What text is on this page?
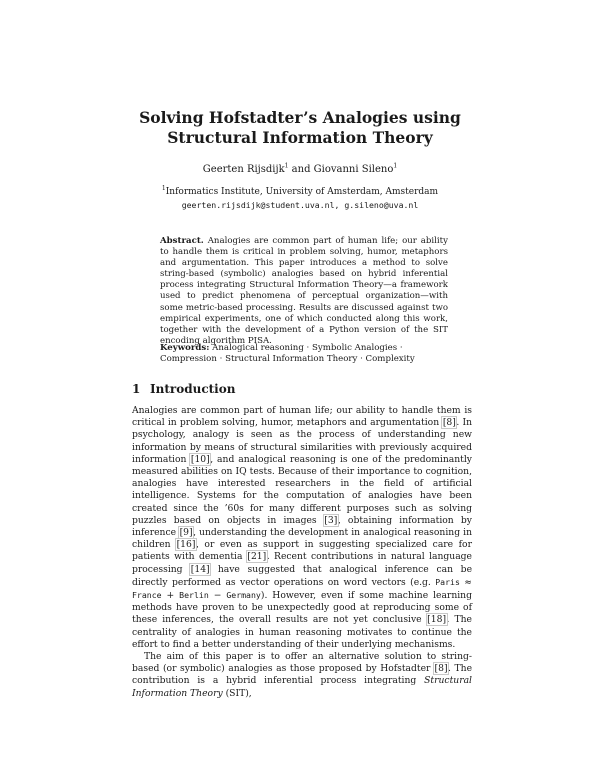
Solving Hofstadter’s Analogies using
Structural Information Theory
Geerten Rijsdijk$^1$ and Giovanni Sileno$^1$
$^1$Informatics Institute, University of Amsterdam, Amsterdam
geerten.rijsdijk@student.uva.nl, g.sileno@uva.nl
Abstract. Analogies are common part of human life; our ability to handle them is critical in problem solving, humor, metaphors and argumentation. This paper introduces a method to solve string-based (symbolic) analogies based on hybrid inferential process integrating Structural Information Theory—a framework used to predict phenomena of perceptual organization—with some metric-based processing. Results are discussed against two empirical experiments, one of which conducted along this work, together with the development of a Python version of the SIT encoding algorithm PISA.
Keywords: Analogical reasoning · Symbolic Analogies · Compression · Structural Information Theory · Complexity
1 Introduction

Analogies are common part of human life; our ability to handle them is critical in problem solving, humor, metaphors and argumentation [8]. In psychology, analogy is seen as the process of understanding new information by means of structural similarities with previously acquired information [10], and analogical reasoning is one of the predominantly measured abilities on IQ tests. Because of their importance to cognition, analogies have interested researchers in the field of artificial intelligence. Systems for the computation of analogies have been created since the ’60s for many different purposes such as solving puzzles based on objects in images [3], obtaining information by inference [9], understanding the development in analogical reasoning in children [16], or even as support in suggesting specialized care for patients with dementia [21]. Recent contributions in natural language processing [14] have suggested that analogical inference can be directly performed as vector operations on word vectors (e.g. Paris ≈ France + Berlin − Germany). However, even if some machine learning methods have proven to be unexpectedly good at reproducing some of these inferences, the overall results are not yet conclusive [18]. The centrality of analogies in human reasoning motivates to continue the effort to find a better understanding of their underlying mechanisms.

The aim of this paper is to offer an alternative solution to string-based (or symbolic) analogies as those proposed by Hofstadter [8]. The contribution is a hybrid inferential process integrating Structural Information Theory (SIT),
